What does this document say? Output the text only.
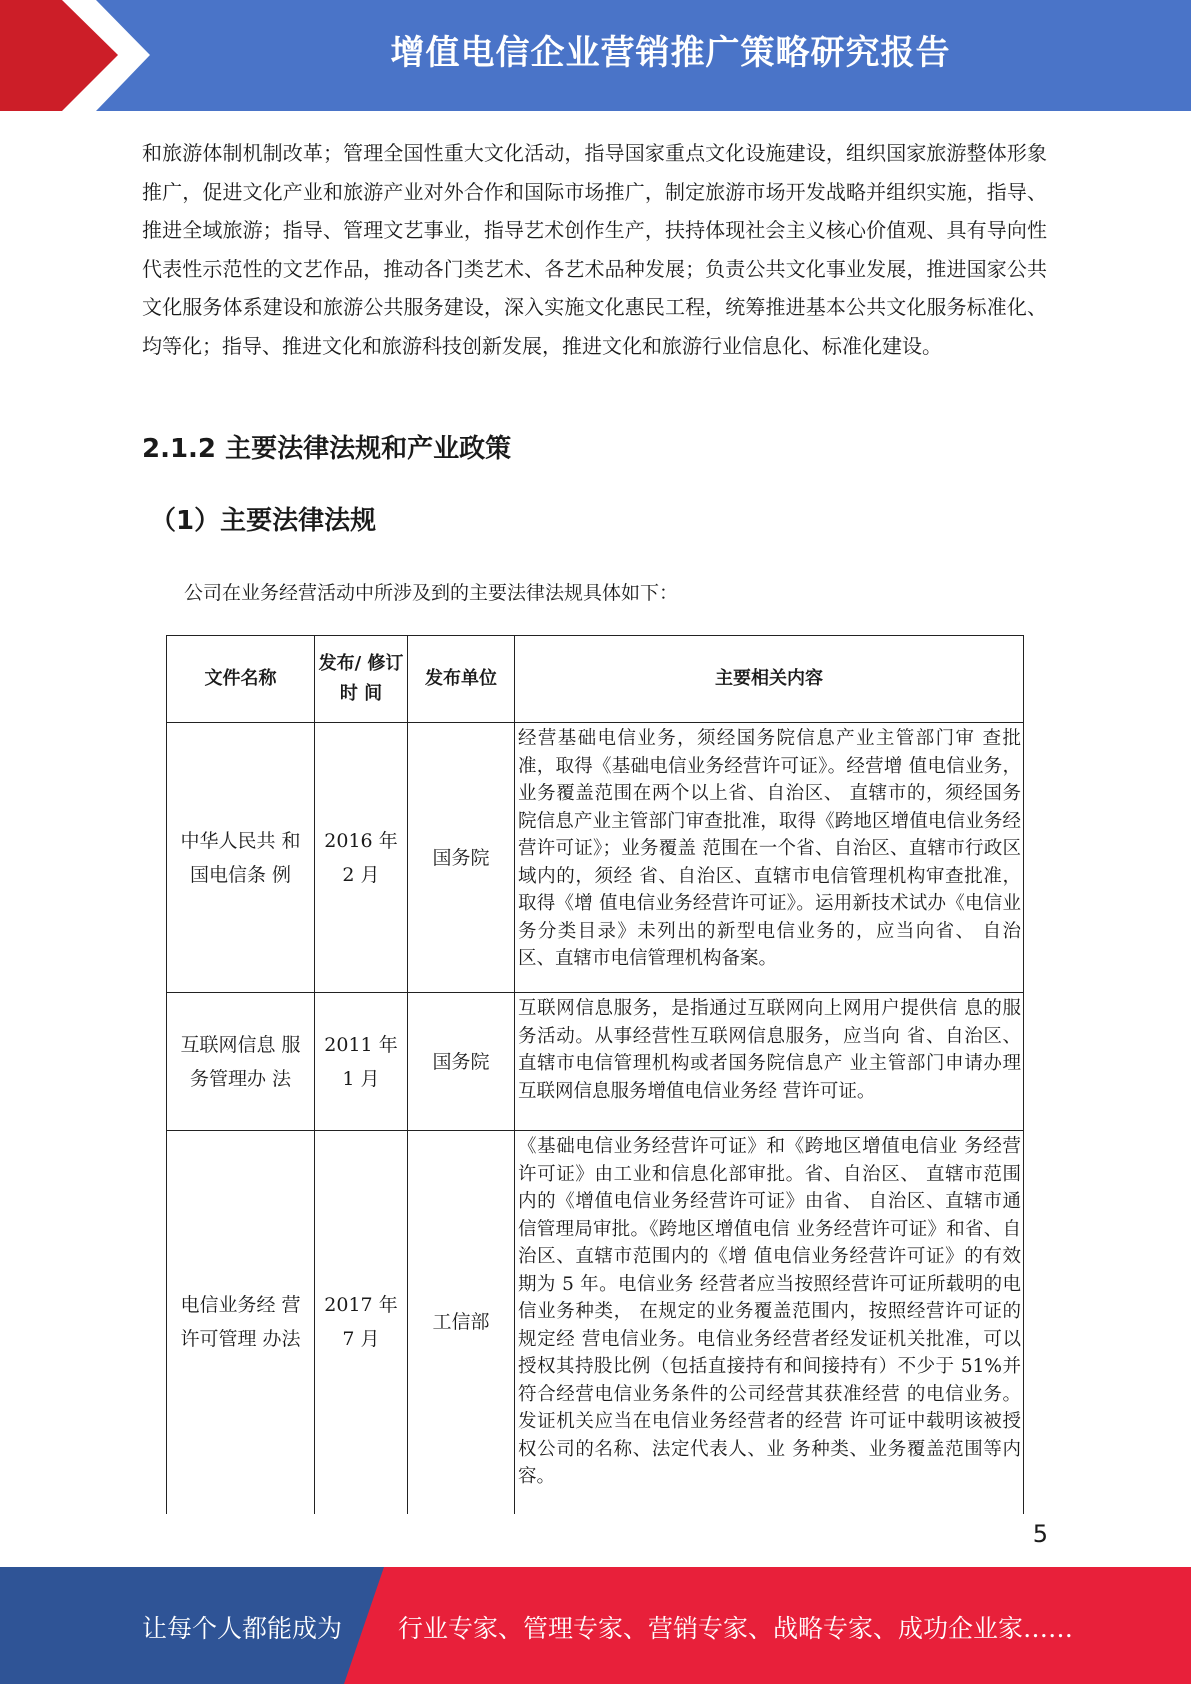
增值电信企业营销推广策略研究报告

和旅游体制机制改革；管理全国性重大文化活动，指导国家重点文化设施建设，组织国家旅游整体形象推广，促进文化产业和旅游产业对外合作和国际市场推广，制定旅游市场开发战略并组织实施，指导、推进全域旅游；指导、管理文艺事业，指导艺术创作生产，扶持体现社会主义核心价值观、具有导向性代表性示范性的文艺作品，推动各门类艺术、各艺术品种发展；负责公共文化事业发展，推进国家公共文化服务体系建设和旅游公共服务建设，深入实施文化惠民工程，统筹推进基本公共文化服务标准化、均等化；指导、推进文化和旅游科技创新发展，推进文化和旅游行业信息化、标准化建设。

2.1.2 主要法律法规和产业政策
（1）主要法律法规

公司在业务经营活动中所涉及到的主要法律法规具体如下：

文件名称	发布/ 修订时 间	发布单位	主要相关内容
中华人民共 和国电信条 例	2016 年 2 月	国务院	经营基础电信业务，须经国务院信息产业主管部门审 查批准，取得《基础电信业务经营许可证》。经营增 值电信业务，业务覆盖范围在两个以上省、自治区、 直辖市的，须经国务院信息产业主管部门审查批准，取得《跨地区增值电信业务经营许可证》；业务覆盖 范围在一个省、自治区、直辖市行政区域内的，须经 省、自治区、直辖市电信管理机构审查批准，取得《增 值电信业务经营许可证》。运用新技术试办《电信业 务分类目录》未列出的新型电信业务的，应当向省、 自治区、直辖市电信管理机构备案。
互联网信息 服务管理办 法	2011 年 1 月	国务院	互联网信息服务，是指通过互联网向上网用户提供信 息的服务活动。从事经营性互联网信息服务，应当向 省、自治区、直辖市电信管理机构或者国务院信息产 业主管部门申请办理互联网信息服务增值电信业务经 营许可证。
电信业务经 营许可管理 办法	2017 年 7 月	工信部	《基础电信业务经营许可证》和《跨地区增值电信业 务经营许可证》由工业和信息化部审批。省、自治区、 直辖市范围内的《增值电信业务经营许可证》由省、 自治区、直辖市通信管理局审批。《跨地区增值电信 业务经营许可证》和省、自治区、直辖市范围内的《增 值电信业务经营许可证》的有效期为 5 年。电信业务 经营者应当按照经营许可证所载明的电信业务种类， 在规定的业务覆盖范围内，按照经营许可证的规定经 营电信业务。电信业务经营者经发证机关批准，可以 授权其持股比例（包括直接持有和间接持有）不少于 51%并符合经营电信业务条件的公司经营其获准经营 的电信业务。发证机关应当在电信业务经营者的经营 许可证中载明该被授权公司的名称、法定代表人、业 务种类、业务覆盖范围等内容。
5
让每个人都能成为 行业专家、管理专家、营销专家、战略专家、成功企业家……
